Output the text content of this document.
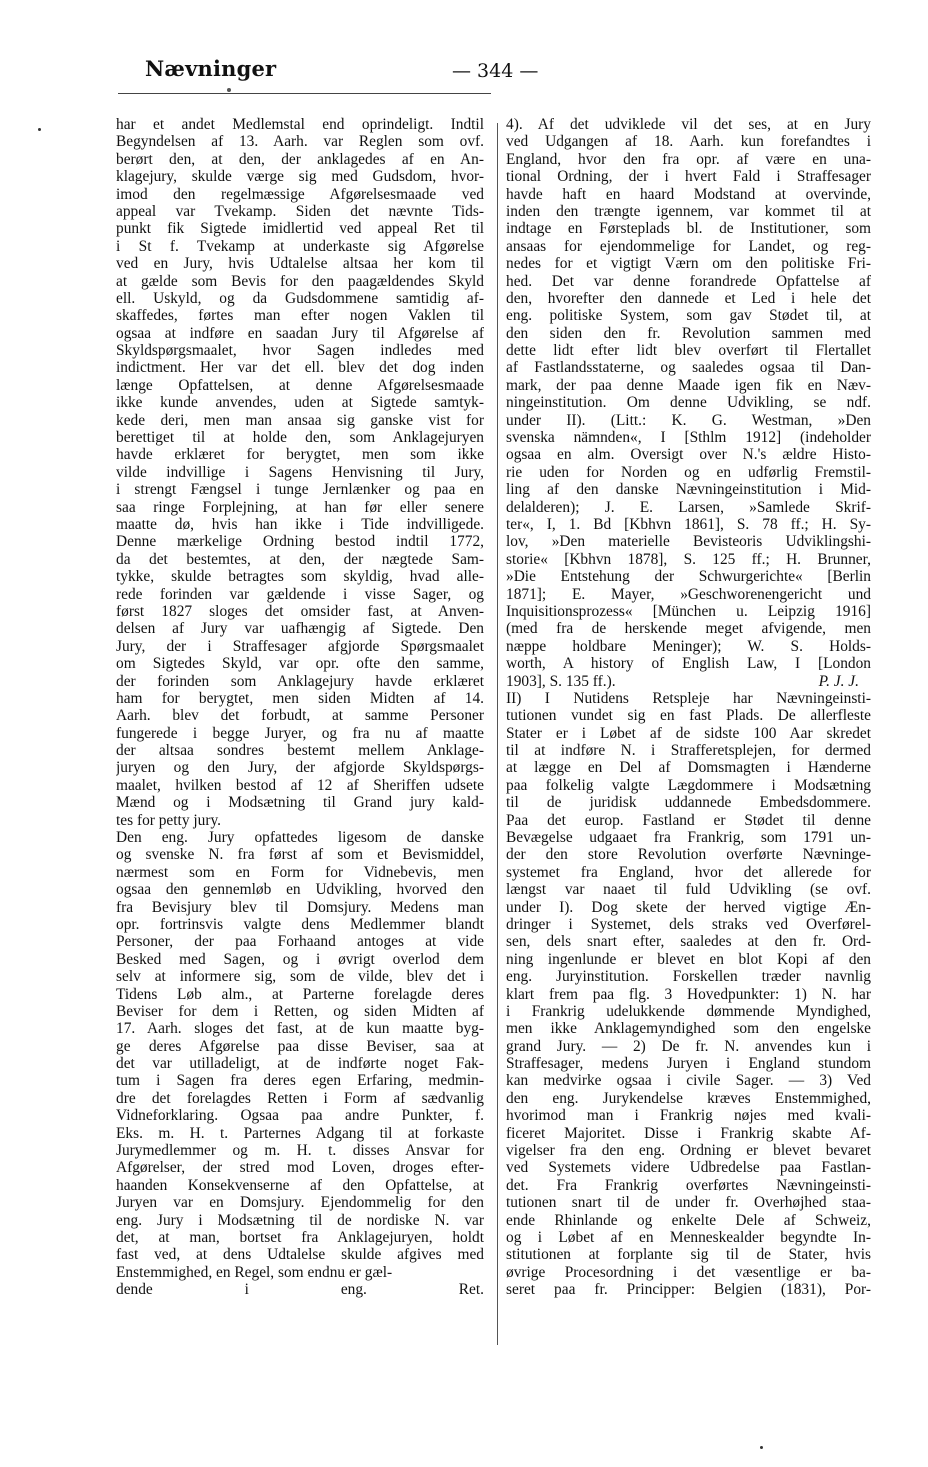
Nævninger	— 344 —
har et andet Medlemstal end oprindeligt. Indtil
Begyndelsen af 13. Aarh. var Reglen som ovf.
berørt den, at den, der anklagedes af en An-
klagejury, skulde værge sig med Gudsdom, hvor-
imod den regelmæssige Afgørelsesmaade ved
appeal var Tvekamp. Siden det nævnte Tids-
punkt fik Sigtede imidlertid ved appeal Ret til
i St f. Tvekamp at underkaste sig Afgørelse
ved en Jury, hvis Udtalelse altsaa her kom til
at gælde som Bevis for den paagældendes Skyld
ell. Uskyld, og da Gudsdommene samtidig af-
skaffedes, førtes man efter nogen Vaklen til
ogsaa at indføre en saadan Jury til Afgørelse af
Skyldspørgsmaalet, hvor Sagen indledes med
indictment. Her var det ell. blev det dog inden
længe Opfattelsen, at denne Afgørelsesmaade
ikke kunde anvendes, uden at Sigtede samtyk-
kede deri, men man ansaa sig ganske vist for
berettiget til at holde den, som Anklagejuryen
havde erklæret for berygtet, men som ikke
vilde indvillige i Sagens Henvisning til Jury,
i strengt Fængsel i tunge Jernlænker og paa en
saa ringe Forplejning, at han før eller senere
maatte dø, hvis han ikke i Tide indvilligede.
Denne mærkelige Ordning bestod indtil 1772,
da det bestemtes, at den, der nægtede Sam-
tykke, skulde betragtes som skyldig, hvad alle-
rede forinden var gældende i visse Sager, og
først 1827 sloges det omsider fast, at Anven-
delsen af Jury var uafhængig af Sigtede. Den
Jury, der i Straffesager afgjorde Spørgsmaalet
om Sigtedes Skyld, var opr. ofte den samme,
der forinden som Anklagejury havde erklæret
ham for berygtet, men siden Midten af 14.
Aarh. blev det forbudt, at samme Personer
fungerede i begge Juryer, og fra nu af maatte
der altsaa sondres bestemt mellem Anklage-
juryen og den Jury, der afgjorde Skyldspørgs-
maalet, hvilken bestod af 12 af Sheriffen udsete
Mænd og i Modsætning til Grand jury kald-
tes for petty jury.
Den eng. Jury opfattedes ligesom de danske
og svenske N. fra først af som et Bevismiddel,
nærmest som en Form for Vidnebevis, men
ogsaa den gennemløb en Udvikling, hvorved den
fra Bevisjury blev til Domsjury. Medens man
opr. fortrinsvis valgte dens Medlemmer blandt
Personer, der paa Forhaand antoges at vide
Besked med Sagen, og i øvrigt overlod dem
selv at informere sig, som de vilde, blev det i
Tidens Løb alm., at Parterne forelagde deres
Beviser for dem i Retten, og siden Midten af
17. Aarh. sloges det fast, at de kun maatte byg-
ge deres Afgørelse paa disse Beviser, saa at
det var utilladeligt, at de indførte noget Fak-
tum i Sagen fra deres egen Erfaring, medmin-
dre det forelagdes Retten i Form af sædvanlig
Vidneforklaring. Ogsaa paa andre Punkter, f.
Eks. m. H. t. Parternes Adgang til at forkaste
Jurymedlemmer og m. H. t. disses Ansvar for
Afgørelser, der stred mod Loven, droges efter-
haanden Konsekvenserne af den Opfattelse, at
Juryen var en Domsjury. Ejendommelig for den
eng. Jury i Modsætning til de nordiske N. var
det, at man, bortset fra Anklagejuryen, holdt
fast ved, at dens Udtalelse skulde afgives med
Enstemmighed, en Regel, som endnu er gæl-
dende i eng. Ret.
4). Af det udviklede vil det ses, at en Jury
ved Udgangen af 18. Aarh. kun forefandtes i
England, hvor den fra opr. af være en una-
tional Ordning, der i hvert Fald i Straffesager
havde haft en haard Modstand at overvinde,
inden den trængte igennem, var kommet til at
indtage en Førsteplads bl. de Institutioner, som
ansaas for ejendommelige for Landet, og reg-
nedes for et vigtigt Værn om den politiske Fri-
hed. Det var denne forandrede Opfattelse af
den, hvorefter den dannede et Led i hele det
eng. politiske System, som gav Stødet til, at
den siden den fr. Revolution sammen med
dette lidt efter lidt blev overført til Flertallet
af Fastlandsstaterne, og saaledes ogsaa til Dan-
mark, der paa denne Maade igen fik en Næv-
ningeinstitution. Om denne Udvikling, se ndf.
under II). (Litt.: K. G. Westman, »Den
svenska nämnden«, I [Sthlm 1912] (indeholder
ogsaa en alm. Oversigt over N.'s ældre Histo-
rie uden for Norden og en udførlig Fremstil-
ling af den danske Nævningeinstitution i Mid-
delalderen); J. E. Larsen, »Samlede Skrif-
ter«, I, 1. Bd [Kbhvn 1861], S. 78 ff.; H. Sy-
lov, »Den materielle Bevisteoris Udviklingshi-
storie« [Kbhvn 1878], S. 125 ff.; H. Brunner,
»Die Entstehung der Schwurgerichte« [Berlin
1871]; E. Mayer, »Geschworenengericht und
Inquisitionsprozess« [München u. Leipzig 1916]
(med fra de herskende meget afvigende, men
næppe holdbare Meninger); W. S. Holds-
worth, A history of English Law, I [London
1903], S. 135 ff.).	P. J. J.
II) I Nutidens Retspleje har Nævningeinsti-
tutionen vundet sig en fast Plads. De allerfleste
Stater er i Løbet af de sidste 100 Aar skredet
til at indføre N. i Strafferetsplejen, for dermed
at lægge en Del af Domsmagten i Hænderne
paa folkelig valgte Lægdommere i Modsætning
til de juridisk uddannede Embedsdommere.
Paa det europ. Fastland er Stødet til denne
Bevægelse udgaaet fra Frankrig, som 1791 un-
der den store Revolution overførte Nævninge-
systemet fra England, hvor det allerede for
længst var naaet til fuld Udvikling (se ovf.
under I). Dog skete der herved vigtige Æn-
dringer i Systemet, dels straks ved Overførel-
sen, dels snart efter, saaledes at den fr. Ord-
ning ingenlunde er blevet en blot Kopi af den
eng. Juryinstitution. Forskellen træder navnlig
klart frem paa flg. 3 Hovedpunkter: 1) N. har
i Frankrig udelukkende dømmende Myndighed,
men ikke Anklagemyndighed som den engelske
grand Jury. — 2) De fr. N. anvendes kun i
Straffesager, medens Juryen i England stundom
kan medvirke ogsaa i civile Sager. — 3) Ved
den eng. Jurykendelse kræves Enstemmighed,
hvorimod man i Frankrig nøjes med kvali-
ficeret Majoritet. Disse i Frankrig skabte Af-
vigelser fra den eng. Ordning er blevet bevaret
ved Systemets videre Udbredelse paa Fastlan-
det. Fra Frankrig overførtes Nævningeinsti-
tutionen snart til de under fr. Overhøjhed staa-
ende Rhinlande og enkelte Dele af Schweiz,
og i Løbet af en Menneskealder begyndte In-
stitutionen at forplante sig til de Stater, hvis
øvrige Procesordning i det væsentlige er ba-
seret paa fr. Principper: Belgien (1831), Por-
